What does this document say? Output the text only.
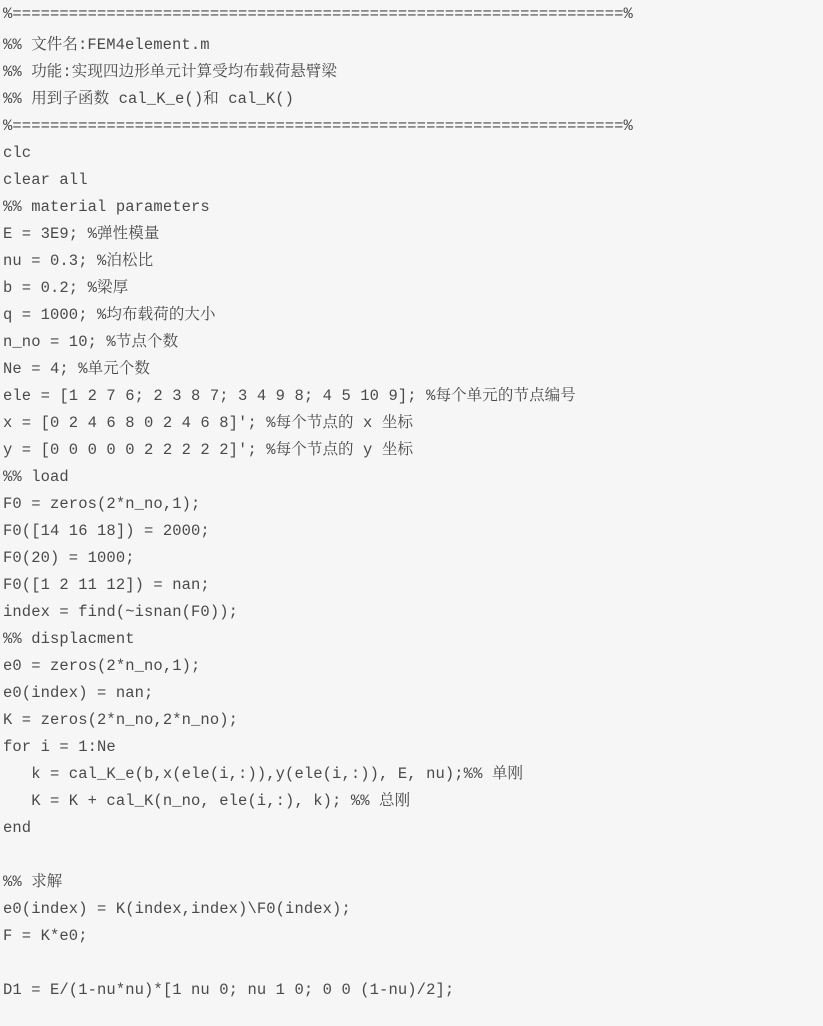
%=================================================================%
%% 文件名:FEM4element.m
%% 功能:实现四边形单元计算受均布载荷悬臂梁
%% 用到子函数 cal_K_e()和 cal_K()
%=================================================================%
clc
clear all
%% material parameters
E = 3E9; %弹性模量
nu = 0.3; %泊松比
b = 0.2; %梁厚
q = 1000; %均布载荷的大小
n_no = 10; %节点个数
Ne = 4; %单元个数
ele = [1 2 7 6; 2 3 8 7; 3 4 9 8; 4 5 10 9]; %每个单元的节点编号
x = [0 2 4 6 8 0 2 4 6 8]'; %每个节点的 x 坐标
y = [0 0 0 0 0 2 2 2 2 2]'; %每个节点的 y 坐标
%% load
F0 = zeros(2*n_no,1);
F0([14 16 18]) = 2000;
F0(20) = 1000;
F0([1 2 11 12]) = nan;
index = find(~isnan(F0));
%% displacment
e0 = zeros(2*n_no,1);
e0(index) = nan;
K = zeros(2*n_no,2*n_no);
for i = 1:Ne
k = cal_K_e(b,x(ele(i,:)),y(ele(i,:)), E, nu);%% 单刚
K = K + cal_K(n_no, ele(i,:), k); %% 总刚
end
%% 求解
e0(index) = K(index,index)\F0(index);
F = K*e0;
D1 = E/(1-nu*nu)*[1 nu 0; nu 1 0; 0 0 (1-nu)/2];
